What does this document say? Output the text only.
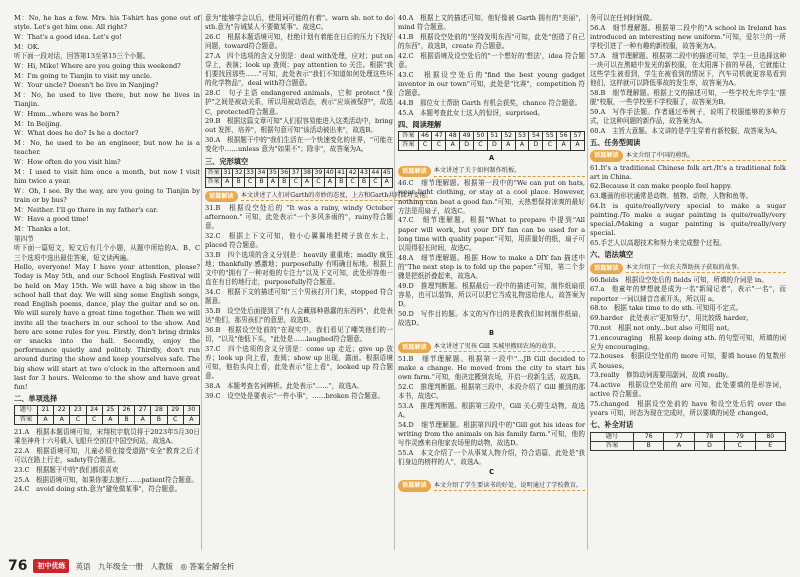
M：No, he has a few. Mrs. his T-shirt has gone out of style. Let's get him one. All right?
W：That's a good idea. Let's go!
M：OK.
听下面一段对话，回答第13至第15三个小题。
W：Hi, Mike! Where are you going this weekend?
M：I'm going to Tianjin to visit my uncle.
W：Your uncle? Doesn't he live in Nanjing?
M：No, he used to live there, but now he lives in Tianjin.
W：Hmm...where was he born?
M：In Beijing.
W：What does he do? Is he a doctor?
M：No, he used to be an engineer, but now he is a teacher.
W：How often do you visit him?
M：I used to visit him once a month, but now I visit him twice a year.
W：Oh, I see. By the way, are you going to Tianjin by train or by bus?
M：Neither. I'll go there in my father's car.
W：Have a good time!
M：Thanks a lot.
第四节
听下面一篇短文，短文后有几个小题，从题中所给的A、B、C三个选项中选出最佳答案，短文读两遍。
Hello, everyone! May I have your attention, please? Today is May 5th, and our School English Festival will be held on May 15th. We will have a big show in the school hall that day. We will sing some English songs, read English poems, dance, play the guitar and so on. We will surely have a great time together. Then we will invite all the teachers in our school to the show. And here are some rules for you. Firstly, don't bring drinks or snacks into the hall. Secondly, enjoy the performance quietly and politely. Thirdly, don't run around during the show and keep yourselves safe. The big show will start at two o'clock in the afternoon and last for 3 hours. Welcome to the show and have great fun!
二、单项选择
题号	21	22	23	24	25	26	27	28	29	30
答案	A	A	C	C	A	B	A	B	C	A
21.A　根据本题语境可知，宋翔杭宇航员将于2023年5月30日乘坐神舟十六号载人飞船升空前往中国空间站，故选A。
22.A　根据语境可知，儿童必须在接受道路"安全"教育之后才可以在路上行走，safety符合题意。
23.C　根据题干中的"我们都很喜欢
25.A　根据语境可知，如果你要去旅行……patient符合题意。
24.C　avoid doing sth.意为"避免做某事"，符合题意。
意为"能够学会以后，使用词可能的有着"。warn sb. not to do sth.意为"告诫某人不要做某事"。故选C。
26.C　根据本题语境可知，杜绝计划有着能在日后的压力下找好问题，toward符合题意。
27.A　四个选项的含义分别是：deal with处理，应对；put on 穿上，表演；look up 查阅；pay attention to 关注。根据"我们要找回那些……"可知，此处表示"我们不知道如何处理这些坏的化学物品"，deal with符合题意。
28.C　句子主语 endangered animals，它和 protect "保护"之间是被动关系，所以用被动语态，表示"应该被保护"，故选C，protected符合题意。
29.B　根据这篇文章可知"人们很容易能进入这类活动中，bring out 发挥，培养"，根据句意可知"该活动被出来"，故选B。
30.A　根据题干中的"我们生活在一个快速变化的世界，"可能在变化中……unless 意为"如果不"；除非"，故答案为A。
三、完形填空
答案	31	32	33	34	35	36	37	38	39	40	41	42	43	44	45
答案	A	B	C	B	A	B	C	A	C	A	B	C	B	C	A
语篇解读	本文讲述了人们对Garth的奇妙的态度，上方和Garth共同面对变化。
31.B　根据设空处后的 "It was a rainy, windy October afternoon." 可知，此处表示"一个多风多雨的"，rainy符合题意。
32.C　根据上下文可知，他小心翼翼地把椅子放在水上，placed 符合题意。
33.B　四个选项的含义分别是：heavily 重重地；madly 疯狂地；thankfully 感激地；purposefully 有明确目标地。根据上文中的"拥有了一种对他的专注力"以及下文可知，此处形容他一直在有目的地行走，purposefully符合题意。
34.C　根据下文的描述可知"三个男孩打开门来，stopped 符合题意。
35.B　设空处后面提到了"有人会藏那种愚蠢的东西吗"，此处表达"他们，那男孩们"的意思，故选B。
36.B　根据设空处前的"在现实中，我们看见了嘲笑他们的一切，"以及"他低下头，"此处是……laughed符合题意。
37.C　四个选项的含义分别是：come up 走近；give up 放弃；look up 向上看，查阅；show up 出现，露面。根据语境可知，他抬头向上看，此处表示"往上看"，looked up 符合题意。
38.A　本题考查名词辨析。此处表示"……"，故选A。
39.C　设空处是要表示"一件小事"，……broken 符合题意。
40.A　根据上文的描述可知，他好像被 Garth 拥有的"美丽"，mind 符合题意。
41.B　根据设空处前的"坚持发明东西"可知，此处"创造了自己的东西"，故选B，create 符合题意。
42.C　根据语境及设空处后的"一个想好的'想法'，idea 符合题意。
43.C　根据设空处后的"find the best young gadget inventor in our town"可知，此处是"比赛"，competition 符合题意。
44.B　那位女士帮助 Garth 有机会获奖，chance 符合题意。
45.A　本题考查此女士这人的惊讶，surprised。
四、阅读理解
答案	46	47	48	49	50	51	52	53	54	55	56	57
答案	C	C	A	D	C	D	A	A	D	C	A	A
A
语篇解读	本文讲述了关于如何制作纸板。
46.C　细节理解题。根据第一段中的"We can put on hats, wear light clothing, or stay at a cool place. However, nothing can beat a good fan."可知，天热想保持凉爽的最好方法是用扇子，故选C。
47.C　细节理解题。根据"What to prepare 中提到"All paper will work, but your DIY fan can be used for a long time with quality paper."可知，用质量好的纸，扇子可以用得很长时间，故选C。
48.A　细节理解题。根据 How to make a DIY fan 描述中的"The next step is to fold up the paper."可知，第二个步骤是把纸折叠起来，故选A。
49.D　推理判断题。根据最后一段中的描述可知，制作纸扇很容易，也可以装饰，所以可以把它当成礼物送给他人，故答案为D。
50.D　写作目的题。本文的写作目的是教我们如何制作纸扇，故选D。
B
语篇解读	本文讲述了男孩 Gill 买城里搬回农场的故事。
51.B　细节理解题。根据第一段中"...JB Gill decided to make a change. He moved from the city to start his own farm."可知，他决定搬到农场，开启一段新生活，故选B。
52.C　推理判断题。根据第三段中，本段介绍了 Gill 搬到的那本书，故选C。
53.A　推理判断题。根据第三段中，Gill 关心野生动物，故选A。
54.D　细节理解题。根据第四段中的"Gill got his ideas for writing from the animals on his family farm."可知，他的写作灵感来自他家农场里的动物，故选D。
55.A　本文介绍了一个从事某人物介绍，符合语篇，此处是"我们身边的榜样的人"，故选A。
C
语篇解读	本文介绍了学生要读书的好处，说明通过了学校教育。
务可以在任何时间做。
56.A　细节理解题。根据第二段中的"A school in Ireland has introduced an interesting new uniform."可知，爱尔兰的一所学校引进了一种有趣的新校服，故答案为A。
57.A　细节理解题。根据第二段中的描述可知，学生一旦选择这种一块可以在黑暗中发光的新校服，在太阳落下前的早晨，它就能让这些学生被看到，学生在被看到的情况下，汽车司机就更容易看到他们，这样就可以降低事故的发生率，故答案为A。
58.B　细节理解题。根据上文的描述可知，一些学校允许学生"摆脱"校服，一些学校里不学校服了，故答案为B。
59.A　写作手法题。作者通过举例子，说明了校服能够的多种方式，让这种问题的新作品，故答案为A。
60.A　主旨大意题。本文讲的是学生穿着有新校服，故答案为A。
五、任务型阅读
语篇解读	本文介绍了中国的剪纸。
61.It's a traditional Chinese folk art./It's a traditional folk art in China.
62.Because it can make people feel happy.
63.雕画的形状通常是动物、植物、动物，人物和鱼等。
64.It is quite/really/very special to make a sugar painting./To make a sugar painting is quite/really/very special./Making a sugar painting is quite/really/very special.
65.手艺人以高超技术和努力来完成整个过程。
六、语法填空
语篇解读	本文介绍了一位农夫帮助孩子获取的故事。
66.fields　根据设空处后的 fields 可知，所填的介词是 in。
67.a　他童年的梦想就是成为一名"新闻记者"，表示"一名"，而 reporter 一词以辅音音素开头，所以用 a。
68.to　根据 take time to do sth. 可知用不定式。
69.harder　此处表示"更加努力"，用比较级 harder。
70.not　根据 not only...but also 可知用 not。
71.encouraging　根据 keep doing sth. 的句型可知，所填的词应为 encouraging。
72.houses　根据设空处前的 more 可知，要填 house 的复数形式 houses。
73.really　修饰动词需要用副词，故填 really。
74.active　根据设空处前的 are 可知，此处要填的是形容词，active 符合题意。
75.changed　根据设空处前的 have 和设空处后的 over the years 可知，时态为现在完成时，所以要填的词是 changed。
七、补全对话
题号	76	77	78	79	80
答案	B	A	D	C	E
76	初中优练	英语　九年级全一册　人教版　◎ 答案全解全析
